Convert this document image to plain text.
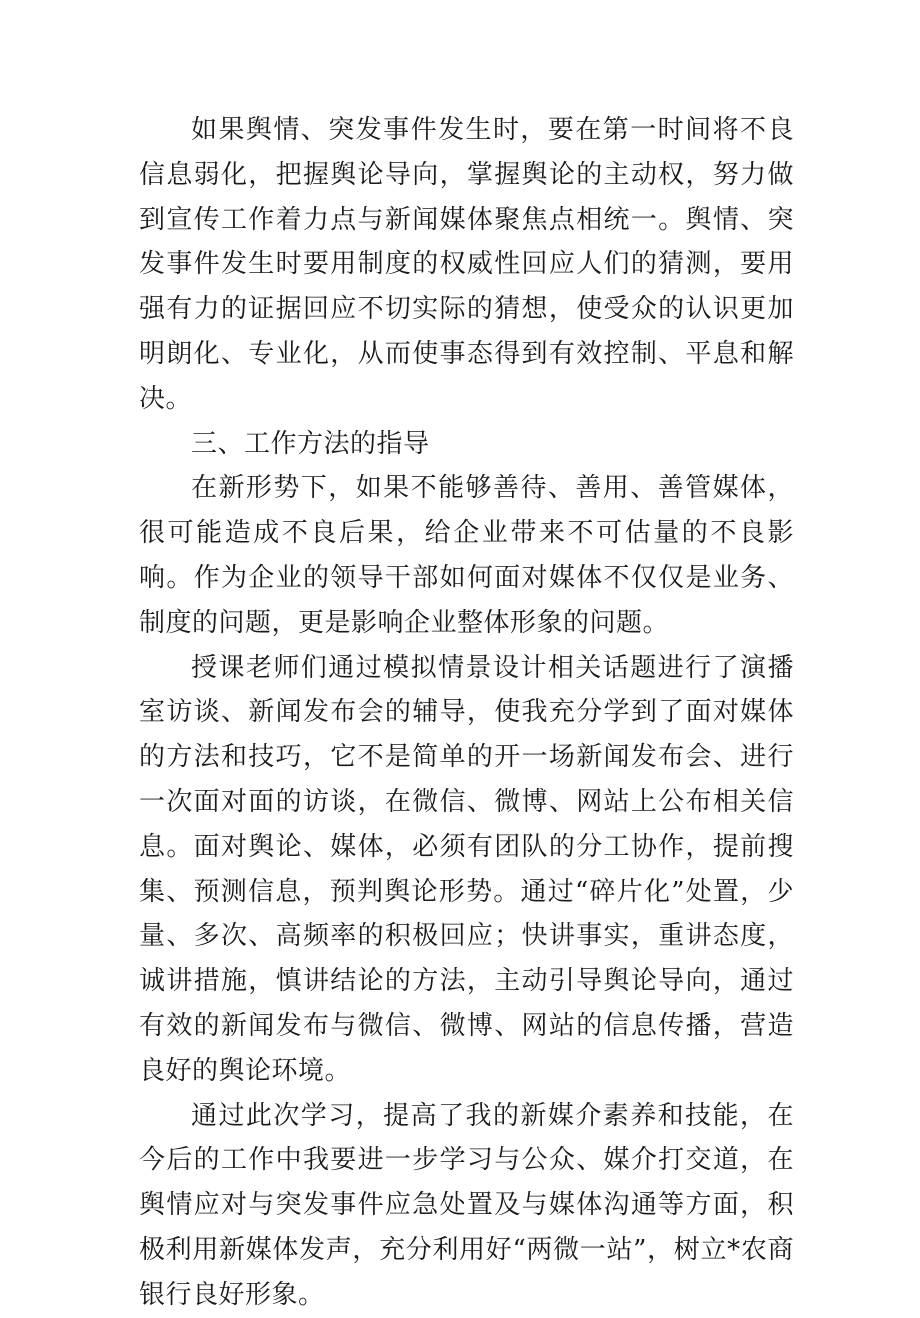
如果舆情、突发事件发生时，要在第一时间将不良信息弱化，把握舆论导向，掌握舆论的主动权，努力做到宣传工作着力点与新闻媒体聚焦点相统一。舆情、突发事件发生时要用制度的权威性回应人们的猜测，要用强有力的证据回应不切实际的猜想，使受众的认识更加明朗化、专业化，从而使事态得到有效控制、平息和解决。

三、工作方法的指导

在新形势下，如果不能够善待、善用、善管媒体，很可能造成不良后果，给企业带来不可估量的不良影响。作为企业的领导干部如何面对媒体不仅仅是业务、制度的问题，更是影响企业整体形象的问题。

授课老师们通过模拟情景设计相关话题进行了演播室访谈、新闻发布会的辅导，使我充分学到了面对媒体的方法和技巧，它不是简单的开一场新闻发布会、进行一次面对面的访谈，在微信、微博、网站上公布相关信息。面对舆论、媒体，必须有团队的分工协作，提前搜集、预测信息，预判舆论形势。通过“碎片化”处置，少量、多次、高频率的积极回应；快讲事实，重讲态度，诚讲措施，慎讲结论的方法，主动引导舆论导向，通过有效的新闻发布与微信、微博、网站的信息传播，营造良好的舆论环境。

通过此次学习，提高了我的新媒介素养和技能，在今后的工作中我要进一步学习与公众、媒介打交道，在舆情应对与突发事件应急处置及与媒体沟通等方面，积极利用新媒体发声，充分利用好“两微一站”，树立*农商银行良好形象。
